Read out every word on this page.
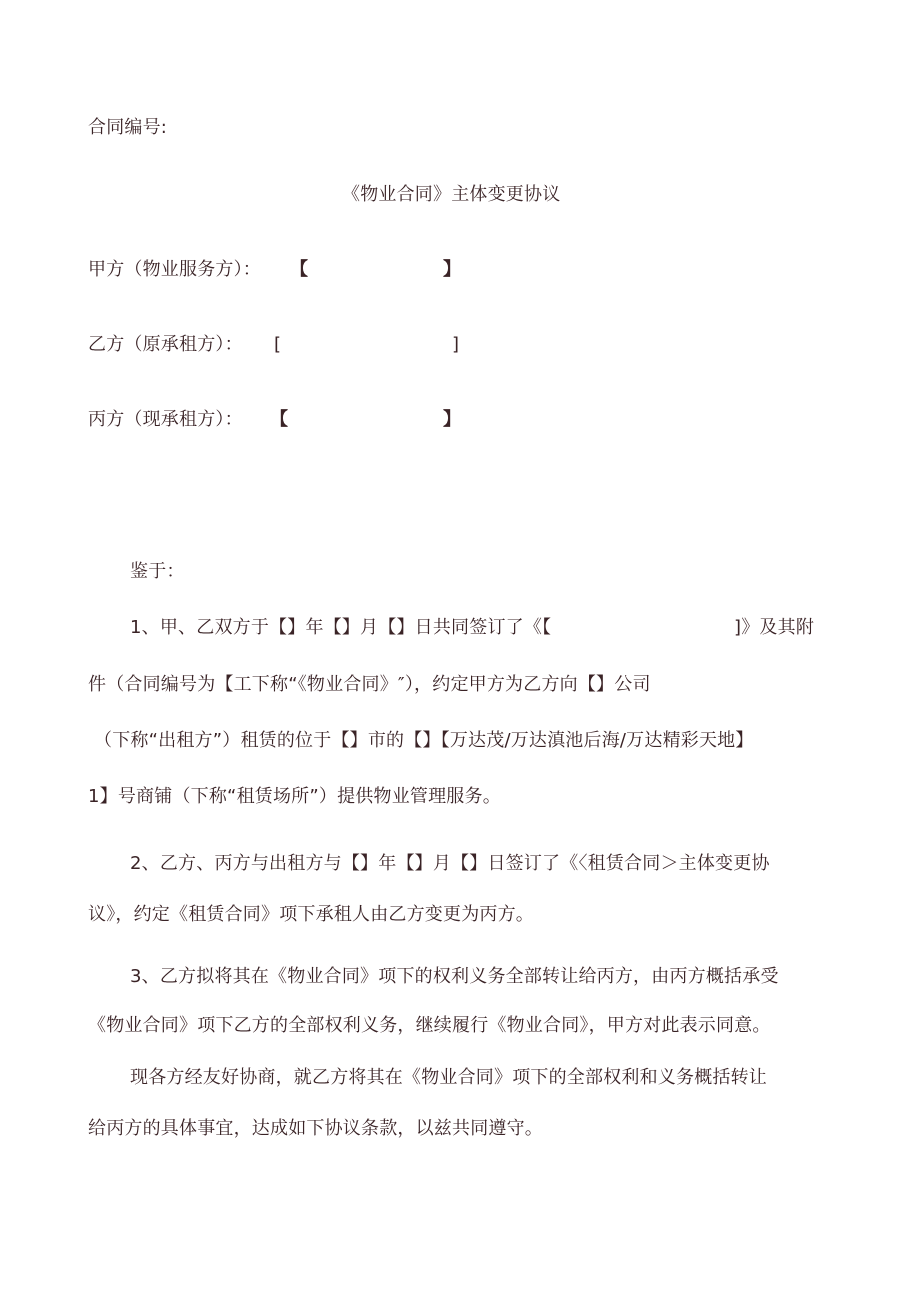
合同编号:
《物业合同》主体变更协议
甲方（物业服务方）： 【	】
乙方（原承租方）： [	]
丙方（现承租方）： 【	】
鉴于：
1、甲、乙双方于【】年【】月【】日共同签订了《【	]》及其附
件（合同编号为【工下称“《物业合同》″），约定甲方为乙方向【】公司
（下称“出租方”）租赁的位于【】市的【】【万达茂/万达滇池后海/万达精彩天地】
1】号商铺（下称“租赁场所”）提供物业管理服务。
2、乙方、丙方与出租方与【】年【】月【】日签订了《〈租赁合同＞主体变更协
议》，约定《租赁合同》项下承租人由乙方变更为丙方。
3、乙方拟将其在《物业合同》项下的权利义务全部转让给丙方，由丙方概括承受
《物业合同》项下乙方的全部权利义务，继续履行《物业合同》，甲方对此表示同意。
现各方经友好协商，就乙方将其在《物业合同》项下的全部权利和义务概括转让
给丙方的具体事宜，达成如下协议条款，以兹共同遵守。
